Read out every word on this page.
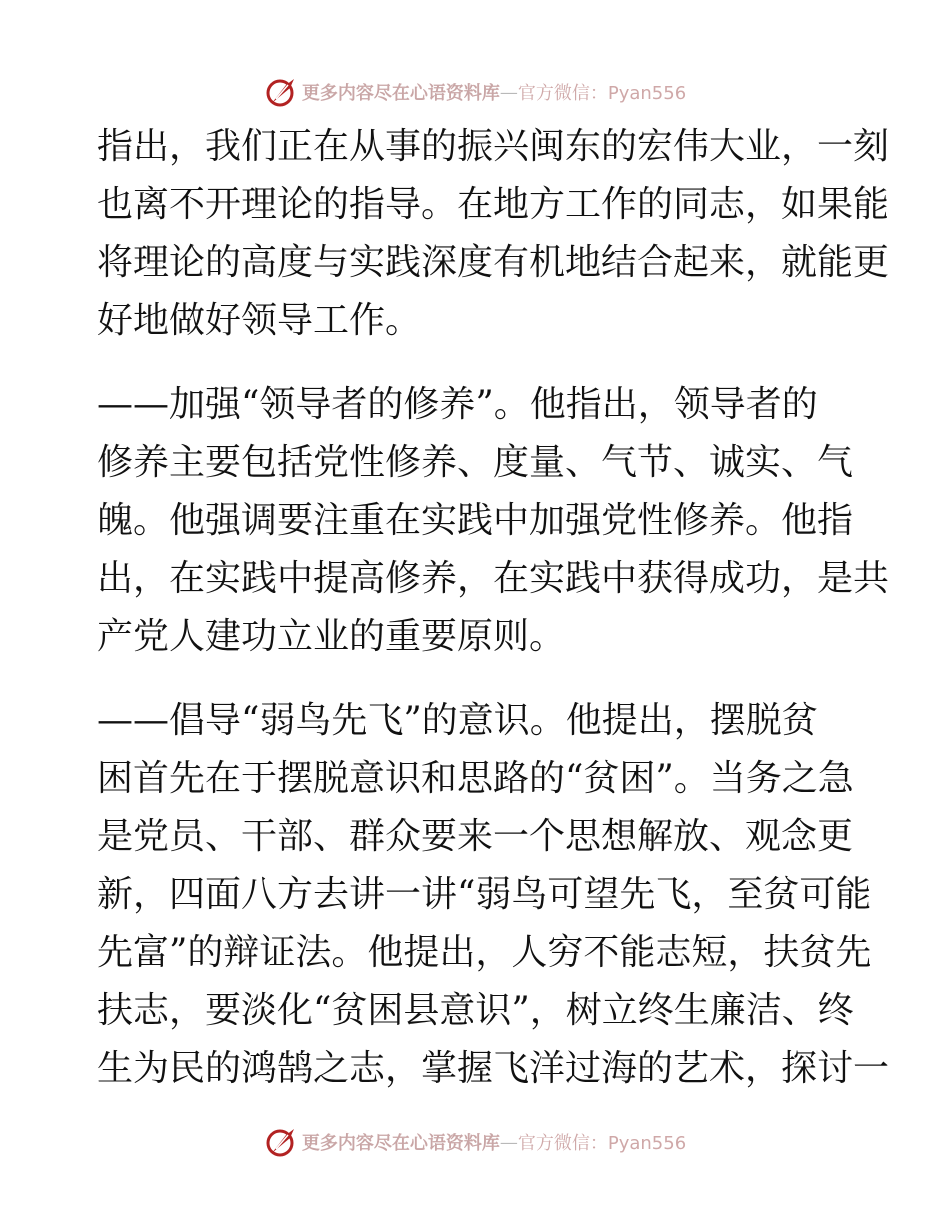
更多内容尽在心语资料库 — 官方微信：Pyan556

指出，我们正在从事的振兴闽东的宏伟大业，一刻
也离不开理论的指导。在地方工作的同志，如果能
将理论的高度与实践深度有机地结合起来，就能更
好地做好领导工作。

——加强“领导者的修养”。他指出，领导者的
修养主要包括党性修养、度量、气节、诚实、气
魄。他强调要注重在实践中加强党性修养。他指
出，在实践中提高修养，在实践中获得成功，是共
产党人建功立业的重要原则。

——倡导“弱鸟先飞”的意识。他提出，摆脱贫
困首先在于摆脱意识和思路的“贫困”。当务之急
是党员、干部、群众要来一个思想解放、观念更
新，四面八方去讲一讲“弱鸟可望先飞，至贫可能
先富”的辩证法。他提出，人穷不能志短，扶贫先
扶志，要淡化“贫困县意识”，树立终生廉洁、终
生为民的鸿鹄之志，掌握飞洋过海的艺术，探讨一

更多内容尽在心语资料库 — 官方微信：Pyan556
